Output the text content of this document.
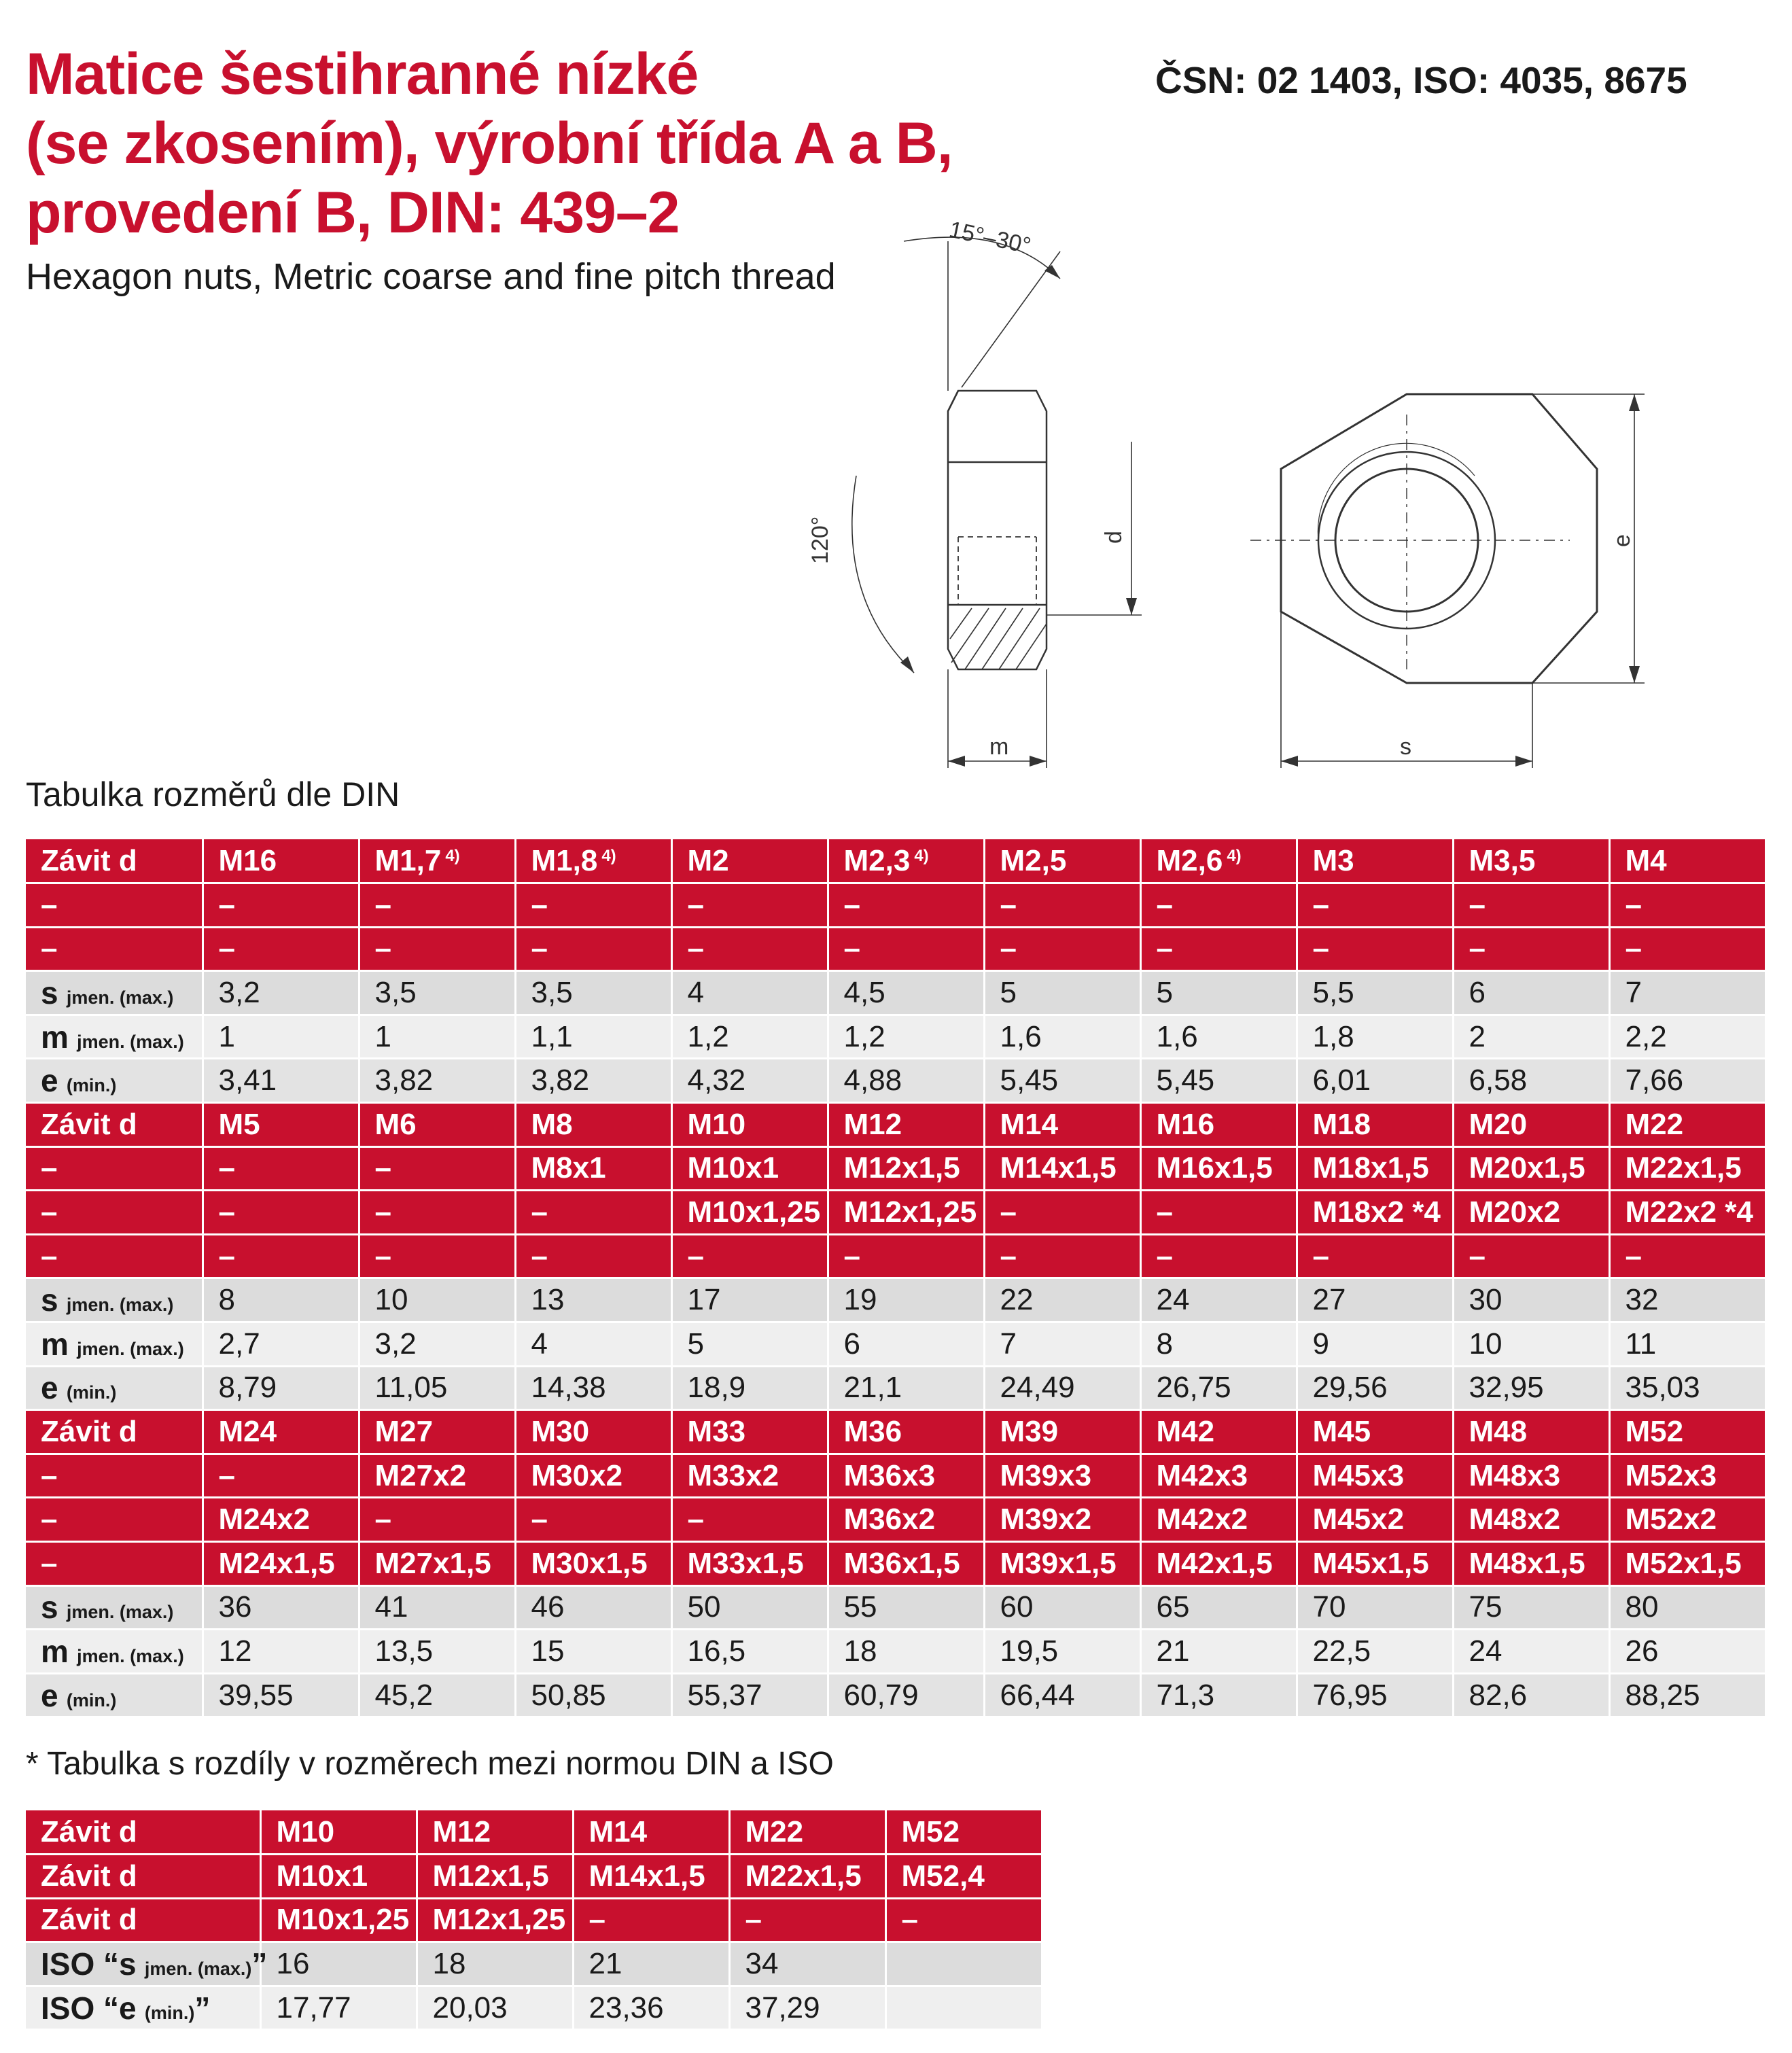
Matice šestihranné nízké
(se zkosením), výrobní třída A a B,
provedení B, DIN: 439–2
ČSN: 02 1403, ISO: 4035, 8675
Hexagon nuts, Metric coarse and fine pitch thread
15°–30°
120°	d
m	s
e
Tabulka rozměrů dle DIN
Závit d	M16	M1,7 $^{4)}$	M1,8 $^{4)}$	M2	M2,3 $^{4)}$	M2,5	M2,6 $^{4)}$	M3	M3,5	M4
–	–	–	–	–	–	–	–	–	–	–
–	–	–	–	–	–	–	–	–	–	–
s jmen. (max.)	3,2	3,5	3,5	4	4,5	5	5	5,5	6	7
m jmen. (max.)	1	1	1,1	1,2	1,2	1,6	1,6	1,8	2	2,2
e (min.)	3,41	3,82	3,82	4,32	4,88	5,45	5,45	6,01	6,58	7,66
Závit d	M5	M6	M8	M10	M12	M14	M16	M18	M20	M22
–	–	–	M8x1	M10x1	M12x1,5	M14x1,5	M16x1,5	M18x1,5	M20x1,5	M22x1,5
–	–	–	–	M10x1,25	M12x1,25	–	–	M18x2 *4	M20x2	M22x2 *4
–	–	–	–	–	–	–	–	–	–	–
s jmen. (max.)	8	10	13	17	19	22	24	27	30	32
m jmen. (max.)	2,7	3,2	4	5	6	7	8	9	10	11
e (min.)	8,79	11,05	14,38	18,9	21,1	24,49	26,75	29,56	32,95	35,03
Závit d	M24	M27	M30	M33	M36	M39	M42	M45	M48	M52
–	–	M27x2	M30x2	M33x2	M36x3	M39x3	M42x3	M45x3	M48x3	M52x3
–	M24x2	–	–	–	M36x2	M39x2	M42x2	M45x2	M48x2	M52x2
–	M24x1,5	M27x1,5	M30x1,5	M33x1,5	M36x1,5	M39x1,5	M42x1,5	M45x1,5	M48x1,5	M52x1,5
s jmen. (max.)	36	41	46	50	55	60	65	70	75	80
m jmen. (max.)	12	13,5	15	16,5	18	19,5	21	22,5	24	26
e (min.)	39,55	45,2	50,85	55,37	60,79	66,44	71,3	76,95	82,6	88,25
* Tabulka s rozdíly v rozměrech mezi normou DIN a ISO
Závit d	M10	M12	M14	M22	M52
Závit d	M10x1	M12x1,5	M14x1,5	M22x1,5	M52,4
Závit d	M10x1,25	M12x1,25	–	–	–
ISO “s jmen. (max.)”	16	18	21	34	
ISO “e (min.)”	17,77	20,03	23,36	37,29	
